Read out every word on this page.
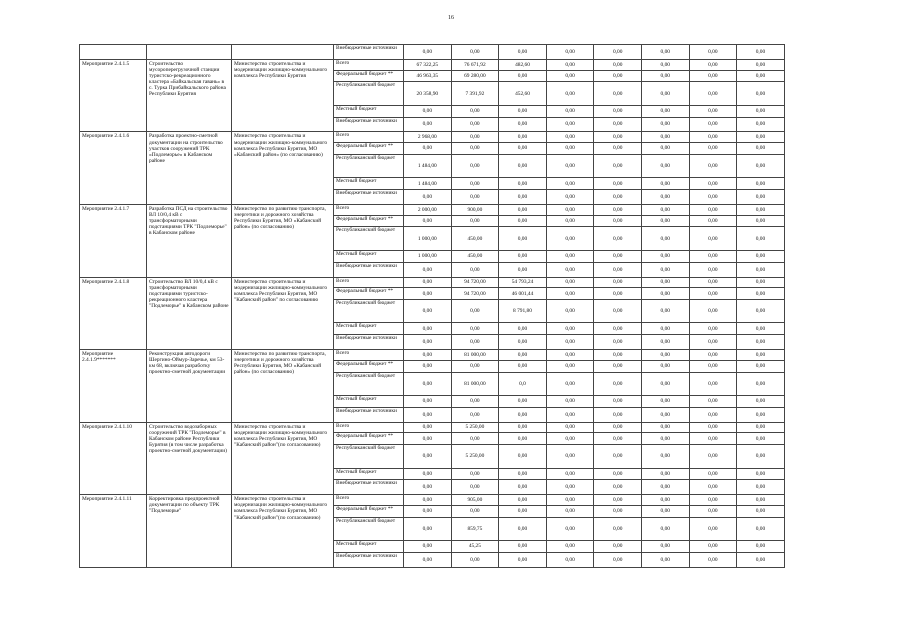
16
			Внебюджетные источники	0,00	0,00	0,00	0,00	0,00	0,00	0,00	0,00
Мероприятие 2.4.1.5	Строительство мусороперегрузочной станции туристско-рекреационного кластера «Байкальская гавань» в с. Турка Прибайкальского района Республики Бурятия	Министерство строительства и модернизации жилищно-коммунального комплекса Республики Бурятия	Всего	67 322,25	76 671,92	482,60	0,00	0,00	0,00	0,00	0,00
			Федеральный бюджет **	46 963,35	69 280,00	0,00	0,00	0,00	0,00	0,00	0,00
			Республиканский бюджет	20 358,90	7 391,92	452,60	0,00	0,00	0,00	0,00	0,00
			Местный бюджет	0,00	0,00	0,00	0,00	0,00	0,00	0,00	0,00
			Внебюджетные источники	0,00	0,00	0,00	0,00	0,00	0,00	0,00	0,00
Мероприятие 2.4.1.6	Разработка проектно-сметной документации на строительство участков сооружений ТРК «Подлеморье» в Кабанском районе	Министерство строительства и модернизации жилищно-коммунального комплекса Республики Бурятия, МО «Кабанский район» (по согласованию)	Всего	2 968,00	0,00	0,00	0,00	0,00	0,00	0,00	0,00
			Федеральный бюджет **	0,00	0,00	0,00	0,00	0,00	0,00	0,00	0,00
			Республиканский бюджет	1 484,00	0,00	0,00	0,00	0,00	0,00	0,00	0,00
			Местный бюджет	1 484,00	0,00	0,00	0,00	0,00	0,00	0,00	0,00
			Внебюджетные источники	0,00	0,00	0,00	0,00	0,00	0,00	0,00	0,00
Мероприятие 2.4.1.7	Разработка ПСД на строительство ВЛ 10/0,4 кВ с трансформаторными подстанциями ТРК "Подлеморье" в Кабанском районе	Министерство по развитию транспорта, энергетики и дорожного хозяйства Республики Бурятия, МО «Кабанский район» (по согласованию)	Всего	2 000,00	900,00	0,00	0,00	0,00	0,00	0,00	0,00
			Федеральный бюджет **	0,00	0,00	0,00	0,00	0,00	0,00	0,00	0,00
			Республиканский бюджет	1 000,00	450,00	0,00	0,00	0,00	0,00	0,00	0,00
			Местный бюджет	1 000,00	450,00	0,00	0,00	0,00	0,00	0,00	0,00
			Внебюджетные источники	0,00	0,00	0,00	0,00	0,00	0,00	0,00	0,00
Мероприятие 2.4.1.8	Строительство ВЛ 10/0,4 кВ с трансформаторными подстанциями туристско-рекреационного кластера "Подлеморье" в Кабанском районе	Министерство строительства и модернизации жилищно-коммунального комплекса Республики Бурятия, МО "Кабанский район" по согласованию	Всего	0,00	94 720,00	54 793,24	0,00	0,00	0,00	0,00	0,00
			Федеральный бюджет **	0,00	94 720,00	46 001,44	0,00	0,00	0,00	0,00	0,00
			Республиканский бюджет	0,00	0,00	8 791,80	0,00	0,00	0,00	0,00	0,00
			Местный бюджет	0,00	0,00	0,00	0,00	0,00	0,00	0,00	0,00
			Внебюджетные источники	0,00	0,00	0,00	0,00	0,00	0,00	0,00	0,00
Мероприятие 2.4.1.9*******	Реконструкция автодороги Шергино-Оймур-Заречье, км 53-км 68, включая разработку проектно-сметной документации	Министерство по развитию транспорта, энергетики и дорожного хозяйства Республики Бурятия, МО «Кабанский район» (по согласованию)	Всего	0,00	81 000,00	0,00	0,00	0,00	0,00	0,00	0,00
			Федеральный бюджет **	0,00	0,00	0,00	0,00	0,00	0,00	0,00	0,00
			Республиканский бюджет	0,00	81 000,00	0,0	0,00	0,00	0,00	0,00	0,00
			Местный бюджет	0,00	0,00	0,00	0,00	0,00	0,00	0,00	0,00
			Внебюджетные источники	0,00	0,00	0,00	0,00	0,00	0,00	0,00	0,00
Мероприятие 2.4.1.10	Строительство водозаборных сооружений ТРК "Подлеморье" в Кабанском районе Республики Бурятия (в том числе разработка проектно-сметной документации)	Министерство строительства и модернизации жилищно-коммунального комплекса Республики Бурятия, МО "Кабанский район"(по согласованию)	Всего	0,00	5 250,00	0,00	0,00	0,00	0,00	0,00	0,00
			Федеральный бюджет **	0,00	0,00	0,00	0,00	0,00	0,00	0,00	0,00
			Республиканский бюджет	0,00	5 250,00	0,00	0,00	0,00	0,00	0,00	0,00
			Местный бюджет	0,00	0,00	0,00	0,00	0,00	0,00	0,00	0,00
			Внебюджетные источники	0,00	0,00	0,00	0,00	0,00	0,00	0,00	0,00
Мероприятие 2.4.1.11	Корректировка предпроектной документации по объекту ТРК "Подлеморье"	Министерство строительства и модернизации жилищно-коммунального комплекса Республики Бурятия, МО "Кабанский район"(по согласованию)	Всего	0,00	905,00	0,00	0,00	0,00	0,00	0,00	0,00
			Федеральный бюджет **	0,00	0,00	0,00	0,00	0,00	0,00	0,00	0,00
			Республиканский бюджет	0,00	859,75	0,00	0,00	0,00	0,00	0,00	0,00
			Местный бюджет	0,00	45,25	0,00	0,00	0,00	0,00	0,00	0,00
			Внебюджетные источники	0,00	0,00	0,00	0,00	0,00	0,00	0,00	0,00
